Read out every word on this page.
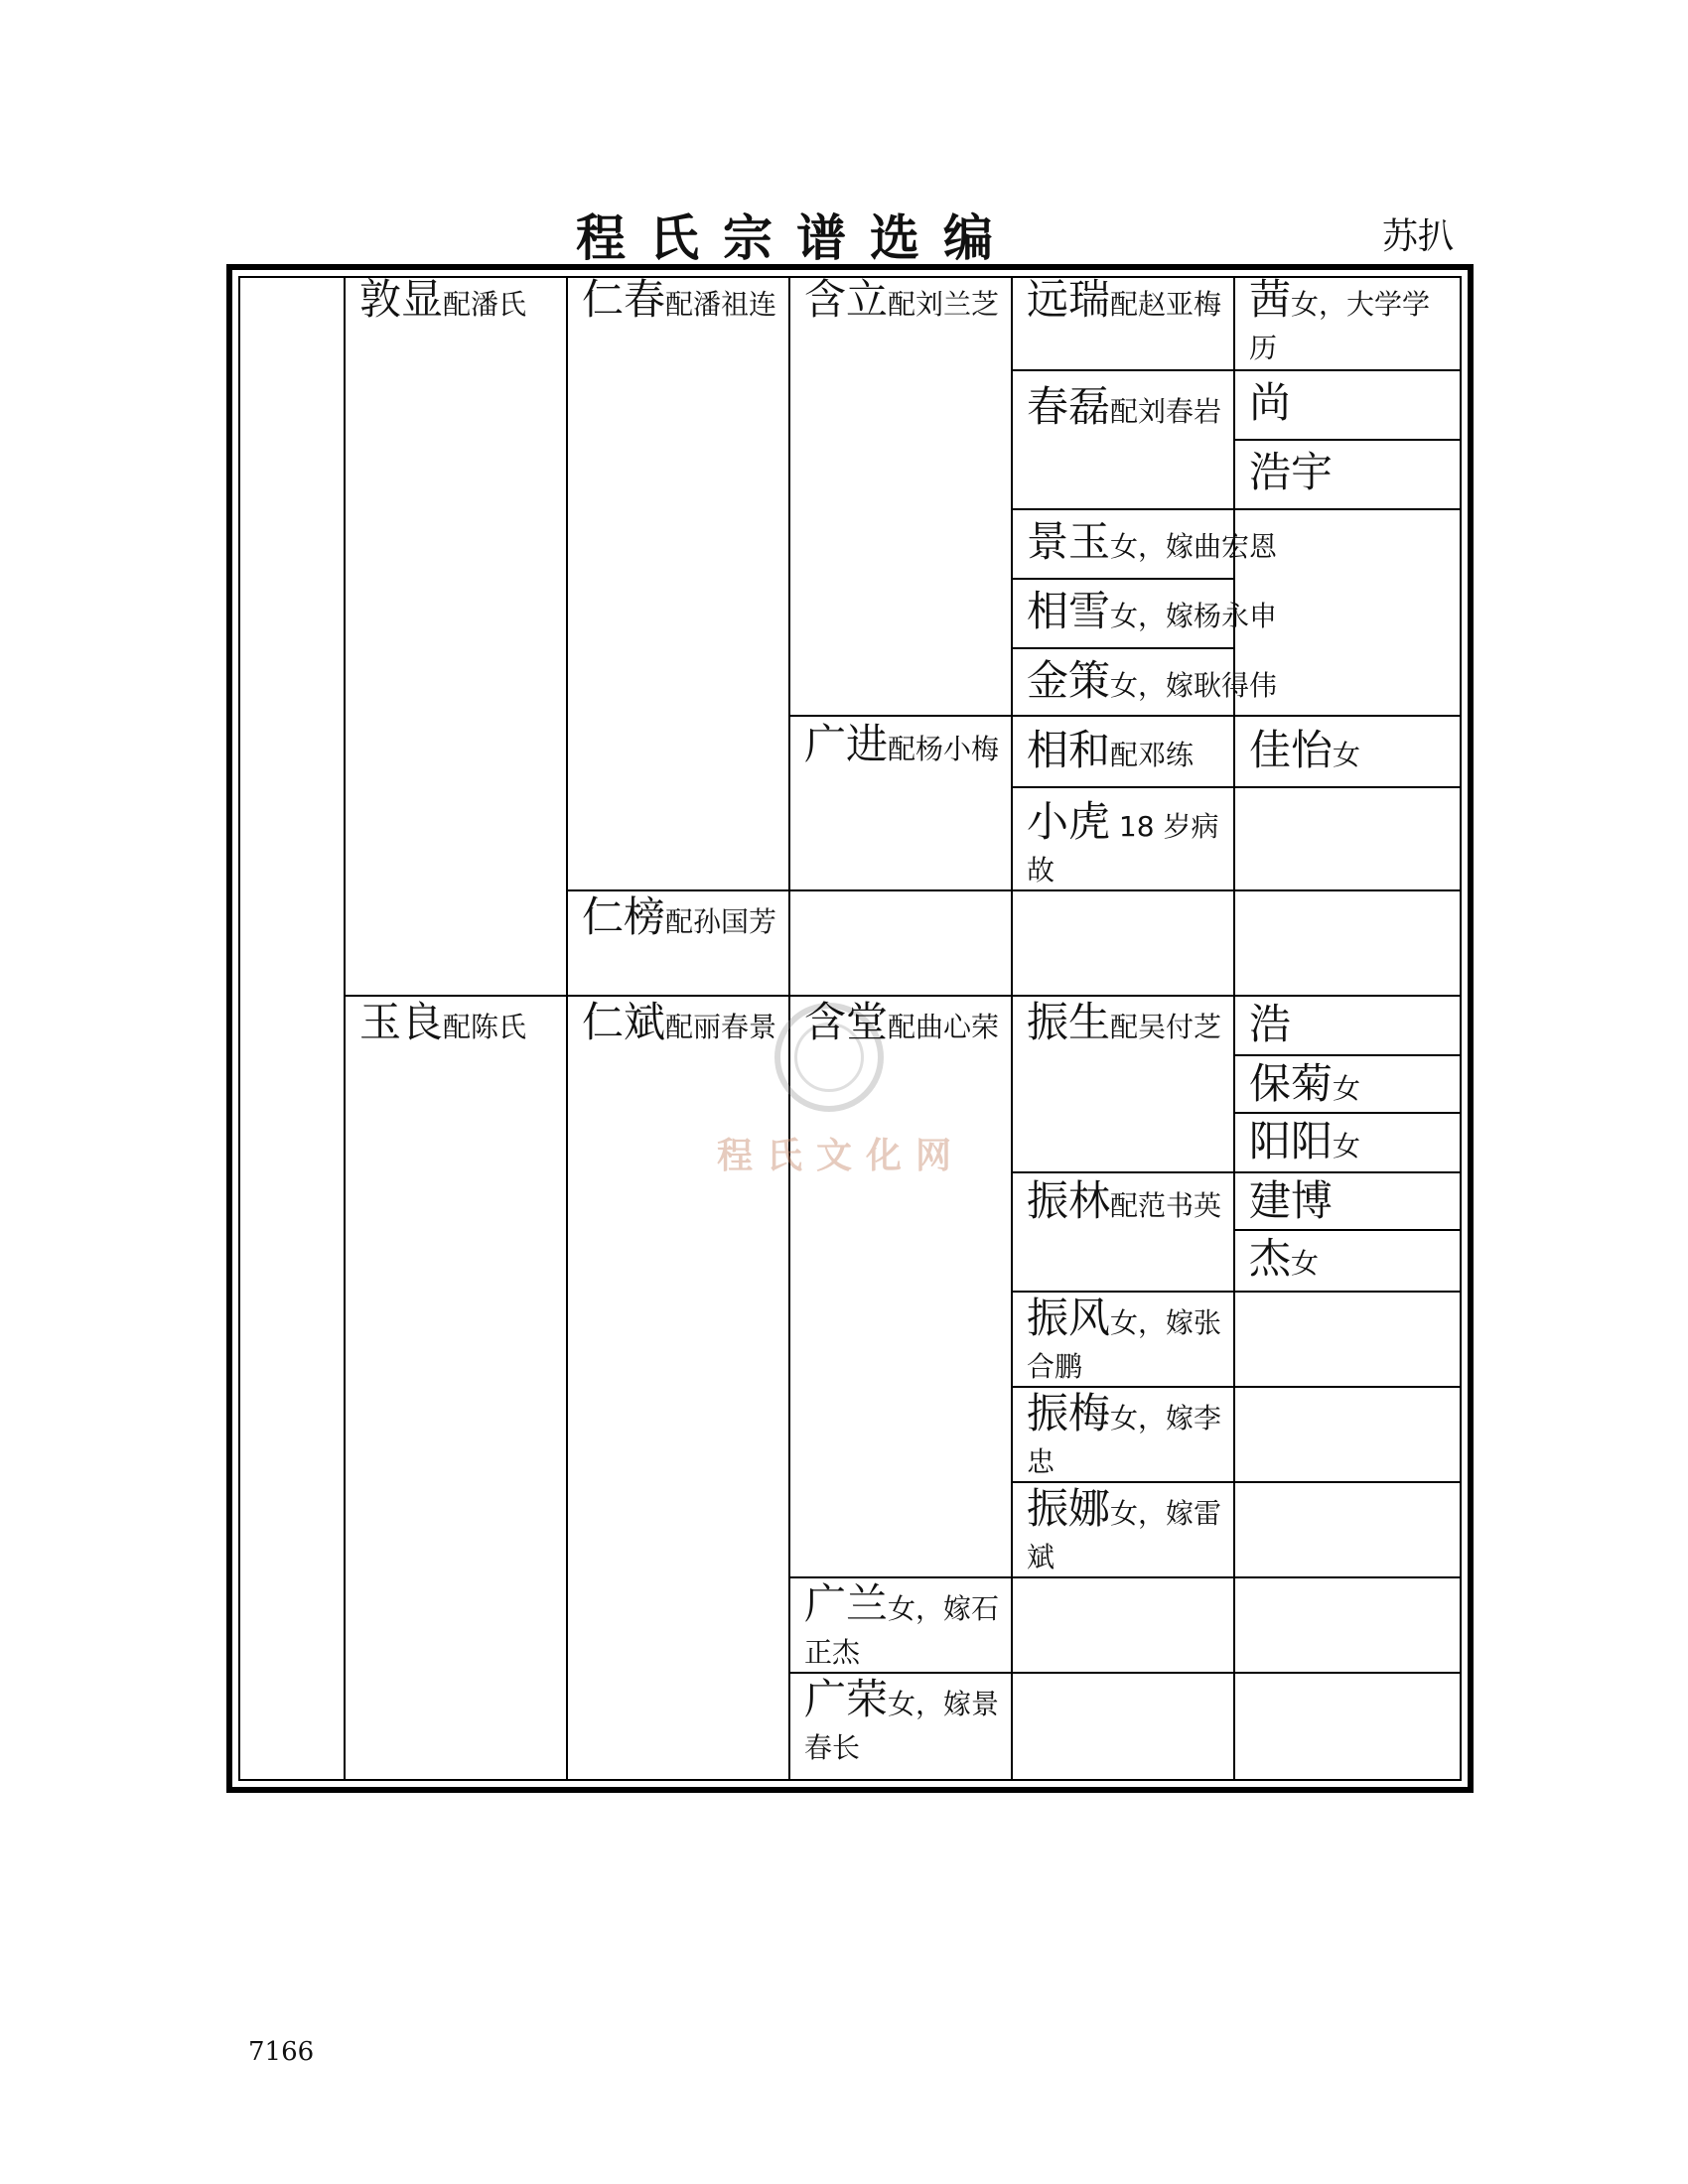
程氏宗谱选编	苏扒
程氏文化网
敦显配潘氏
玉良配陈氏
仁春配潘祖连
仁榜配孙国芳
仁斌配丽春景
含立配刘兰芝
广进配杨小梅
含堂配曲心荣
广兰女，嫁石正杰
广荣女，嫁景春长
远瑞配赵亚梅
春磊配刘春岩
景玉女，嫁曲宏恩
相雪女，嫁杨永申
金策女，嫁耿得伟
相和配邓练
小虎 18 岁病故
振生配吴付芝
振林配范书英
振风女，嫁张合鹏
振梅女，嫁李忠
振娜女，嫁雷斌
茜女，大学学历
尚
浩宇
佳怡女
浩
保菊女
阳阳女
建博
杰女
7166
